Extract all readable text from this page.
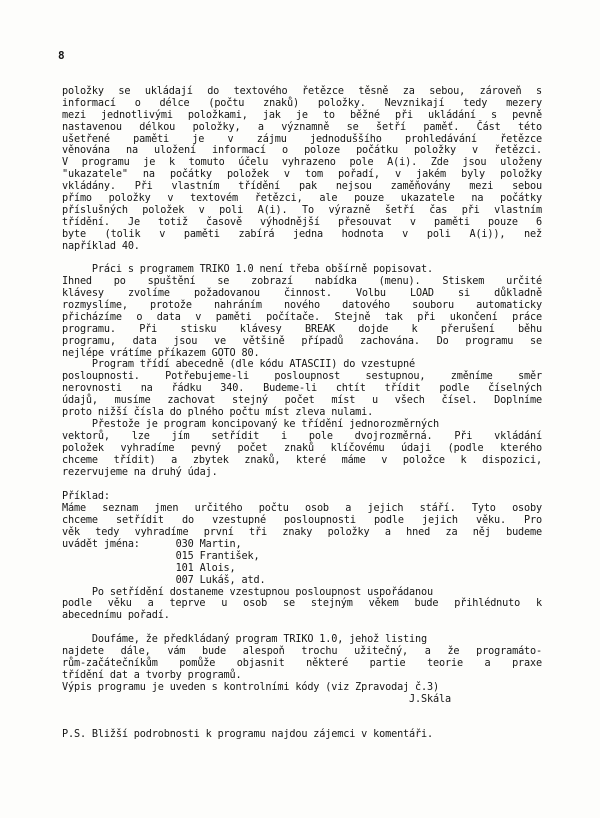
8
položky se ukládají do textového řetězce těsně za sebou, zároveň s
informací o délce (počtu znaků) položky. Nevznikají tedy mezery
mezi jednotlivými položkami, jak je to běžné při ukládání s pevně
nastavenou délkou položky, a významně se šetří paměť. Část této
ušetřené paměti je v zájmu jednoduššího prohledávání řetězce
věnována na uložení informací o poloze počátku položky v řetězci.
V programu je k tomuto účelu vyhrazeno pole A(i). Zde jsou uloženy
"ukazatele" na počátky položek v tom pořadí, v jakém byly položky
vkládány. Při vlastním třídění pak nejsou zaměňovány mezi sebou
přímo položky v textovém řetězci, ale pouze ukazatele na počátky
příslušných položek v poli A(i). To výrazně šetří čas při vlastním
třídění. Je totiž časově výhodnější přesouvat v paměti pouze 6
byte (tolik v paměti zabírá jedna hodnota v poli A(i)), než
například 40.
Práci s programem TRIKO 1.0 není třeba obšírně popisovat.
Ihned po spuštění se zobrazí nabídka (menu). Stiskem určité
klávesy zvolíme požadovanou činnost. Volbu LOAD si důkladně
rozmyslíme, protože nahráním nového datového souboru automaticky
přicházíme o data v paměti počítače. Stejně tak při ukončení práce
programu. Při stisku klávesy BREAK dojde k přerušení běhu
programu, data jsou ve většině případů zachována. Do programu se
nejlépe vrátíme příkazem GOTO 80.
Program třídí abecedně (dle kódu ATASCII) do vzestupné
posloupnosti. Potřebujeme-li posloupnost sestupnou, změníme směr
nerovnosti na řádku 340. Budeme-li chtít třídit podle číselných
údajů, musíme zachovat stejný počet míst u všech čísel. Doplníme
proto nižší čísla do plného počtu míst zleva nulami.
Přestože je program koncipovaný ke třídění jednorozměrných
vektorů, lze jím setřídit i pole dvojrozměrná. Při vkládání
položek vyhradíme pevný počet znaků klíčovému údaji (podle kterého
chceme třídit) a zbytek znaků, které máme v položce k dispozici,
rezervujeme na druhý údaj.
Příklad:
Máme seznam jmen určitého počtu osob a jejich stáří. Tyto osoby
chceme setřídit do vzestupné posloupnosti podle jejich věku. Pro
věk tedy vyhradíme první tři znaky položky a hned za něj budeme
uvádět jména:      030 Martin,
015 František,
101 Alois,
007 Lukáš, atd.
Po setřídění dostaneme vzestupnou posloupnost uspořádanou
podle věku a teprve u osob se stejným věkem bude přihlédnuto k
abecednímu pořadí.
Doufáme, že předkládaný program TRIKO 1.0, jehož listing
najdete dále, vám bude alespoň trochu užitečný, a že programáto-
rům-začátečníkům pomůže objasnit některé partie teorie a praxe
třídění dat a tvorby programů.
Výpis programu je uveden s kontrolními kódy (viz Zpravodaj č.3)
J.Skála
P.S. Bližší podrobnosti k programu najdou zájemci v komentáři.
